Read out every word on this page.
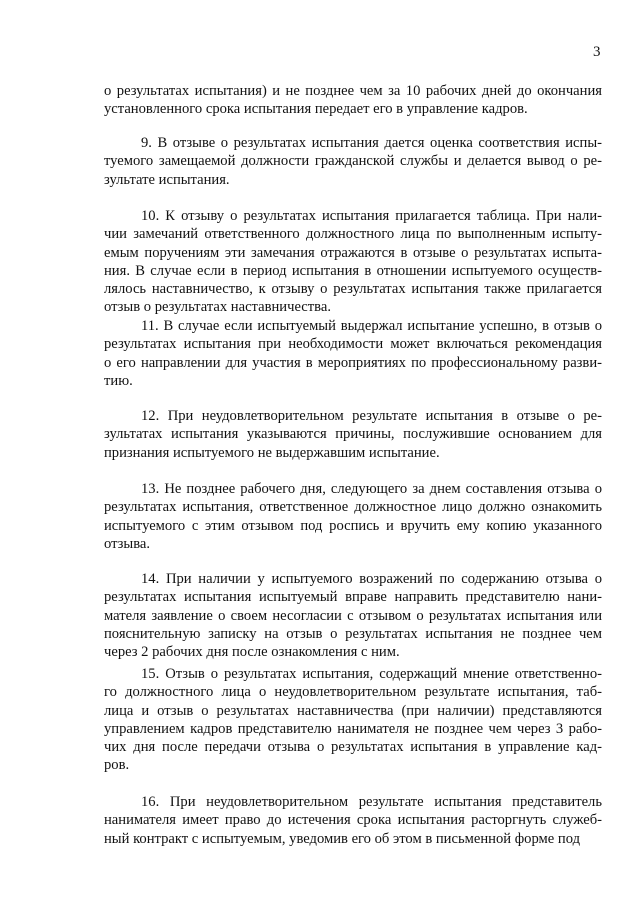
3
о результатах испытания) и не позднее чем за 10 рабочих дней до окончания
установленного срока испытания передает его в управление кадров.
9. В отзыве о результатах испытания дается оценка соответствия испы-
туемого замещаемой должности гражданской службы и делается вывод о ре-
зультате испытания.
10. К отзыву о результатах испытания прилагается таблица. При нали-
чии замечаний ответственного должностного лица по выполненным испыту-
емым поручениям эти замечания отражаются в отзыве о результатах испыта-
ния. В случае если в период испытания в отношении испытуемого осуществ-
лялось наставничество, к отзыву о результатах испытания также прилагается
отзыв о результатах наставничества.
11. В случае если испытуемый выдержал испытание успешно, в отзыв о
результатах испытания при необходимости может включаться рекомендация
о его направлении для участия в мероприятиях по профессиональному разви-
тию.
12. При неудовлетворительном результате испытания в отзыве о ре-
зультатах испытания указываются причины, послужившие основанием для
признания испытуемого не выдержавшим испытание.
13. Не позднее рабочего дня, следующего за днем составления отзыва о
результатах испытания, ответственное должностное лицо должно ознакомить
испытуемого с этим отзывом под роспись и вручить ему копию указанного
отзыва.
14. При наличии у испытуемого возражений по содержанию отзыва о
результатах испытания испытуемый вправе направить представителю нани-
мателя заявление о своем несогласии с отзывом о результатах испытания или
пояснительную записку на отзыв о результатах испытания не позднее чем
через 2 рабочих дня после ознакомления с ним.
15. Отзыв о результатах испытания, содержащий мнение ответственно-
го должностного лица о неудовлетворительном результате испытания, таб-
лица и отзыв о результатах наставничества (при наличии) представляются
управлением кадров представителю нанимателя не позднее чем через 3 рабо-
чих дня после передачи отзыва о результатах испытания в управление кад-
ров.
16. При неудовлетворительном результате испытания представитель
нанимателя имеет право до истечения срока испытания расторгнуть служеб-
ный контракт с испытуемым, уведомив его об этом в письменной форме под
